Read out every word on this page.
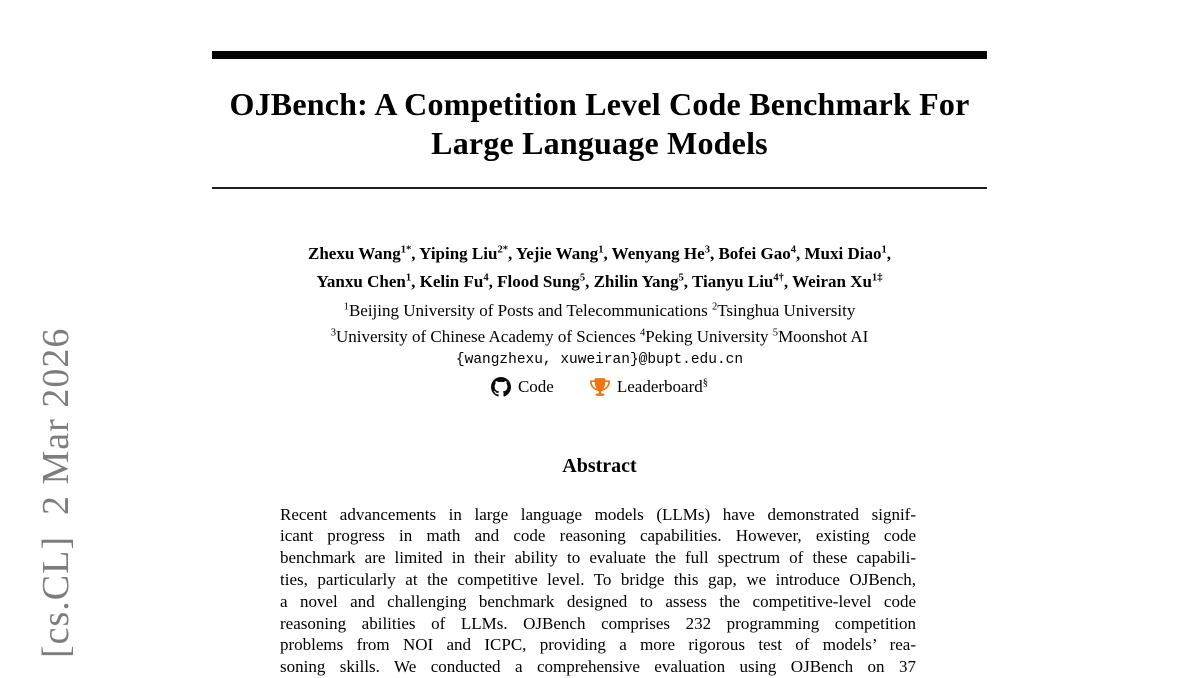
[cs.CL]  2 Mar 2026
OJBench: A Competition Level Code Benchmark For
Large Language Models
Zhexu Wang$^{1*}$, Yiping Liu$^{2*}$, Yejie Wang$^1$, Wenyang He$^3$, Bofei Gao$^4$, Muxi Diao$^1$,
Yanxu Chen$^1$, Kelin Fu$^4$, Flood Sung$^5$, Zhilin Yang$^5$, Tianyu Liu$^{4\dagger}$, Weiran $Xu^{1\ddagger}$
$^1$Beijing University of Posts and Telecommunications $^2$Tsinghua University
$^3$University of Chinese Academy of Sciences $^4$Peking University $^5$Moonshot AI
{wangzhexu, xuweiran}@bupt.edu.cn
Code	Leaderboard§
Abstract
Recent advancements in large language models (LLMs) have demonstrated signif-
icant progress in math and code reasoning capabilities. However, existing code
benchmark are limited in their ability to evaluate the full spectrum of these capabili-
ties, particularly at the competitive level. To bridge this gap, we introduce OJBench,
a novel and challenging benchmark designed to assess the competitive-level code
reasoning abilities of LLMs. OJBench comprises 232 programming competition
problems from NOI and ICPC, providing a more rigorous test of models’ rea-
soning skills. We conducted a comprehensive evaluation using OJBench on 37
